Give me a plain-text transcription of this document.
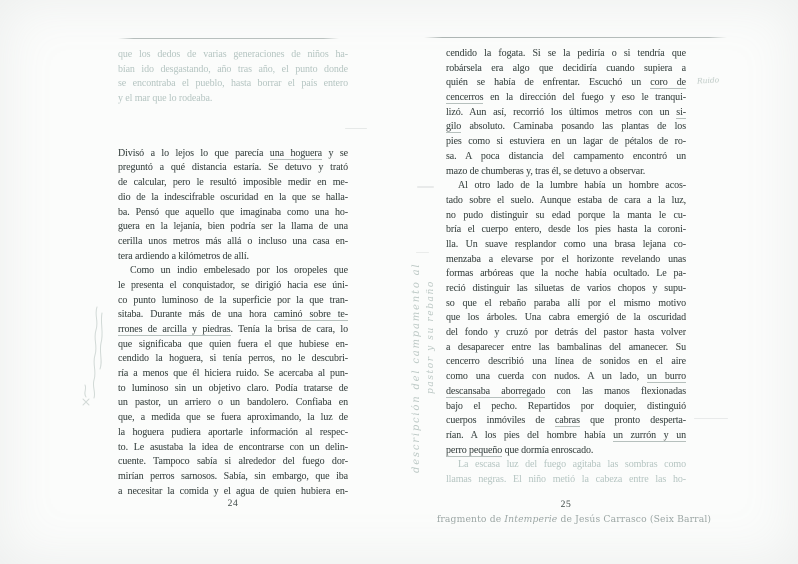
que los dedos de varias generaciones de niños ha-
bían ido desgastando, año tras año, el punto donde
se encontraba el pueblo, hasta borrar el país entero
y el mar que lo rodeaba.
Divisó a lo lejos lo que parecía una hoguera y se
preguntó a qué distancia estaría. Se detuvo y trató
de calcular, pero le resultó imposible medir en me-
dio de la indescifrable oscuridad en la que se halla-
ba. Pensó que aquello que imaginaba como una ho-
guera en la lejanía, bien podría ser la llama de una
cerilla unos metros más allá o incluso una casa en-
tera ardiendo a kilómetros de allí.
Como un indio embelesado por los oropeles que
le presenta el conquistador, se dirigió hacia ese úni-
co punto luminoso de la superficie por la que tran-
sitaba. Durante más de una hora caminó sobre te-
rrones de arcilla y piedras. Tenía la brisa de cara, lo
que significaba que quien fuera el que hubiese en-
cendido la hoguera, si tenía perros, no le descubri-
ría a menos que él hiciera ruido. Se acercaba al pun-
to luminoso sin un objetivo claro. Podía tratarse de
un pastor, un arriero o un bandolero. Confiaba en
que, a medida que se fuera aproximando, la luz de
la hoguera pudiera aportarle información al respec-
to. Le asustaba la idea de encontrarse con un delin-
cuente. Tampoco sabía si alrededor del fuego dor-
mirían perros sarnosos. Sabía, sin embargo, que iba
a necesitar la comida y el agua de quien hubiera en-
cendido la fogata. Si se la pediría o si tendría que
robársela era algo que decidiría cuando supiera a
quién se había de enfrentar. Escuchó un coro de
cencerros en la dirección del fuego y eso le tranqui-
lizó. Aun así, recorrió los últimos metros con un si-
gilo absoluto. Caminaba posando las plantas de los
pies como si estuviera en un lagar de pétalos de ro-
sa. A poca distancia del campamento encontró un
mazo de chumberas y, tras él, se detuvo a observar.
Al otro lado de la lumbre había un hombre acos-
tado sobre el suelo. Aunque estaba de cara a la luz,
no pudo distinguir su edad porque la manta le cu-
bría el cuerpo entero, desde los pies hasta la coroni-
lla. Un suave resplandor como una brasa lejana co-
menzaba a elevarse por el horizonte revelando unas
formas arbóreas que la noche había ocultado. Le pa-
reció distinguir las siluetas de varios chopos y supu-
so que el rebaño paraba allí por el mismo motivo
que los árboles. Una cabra emergió de la oscuridad
del fondo y cruzó por detrás del pastor hasta volver
a desaparecer entre las bambalinas del amanecer. Su
cencerro describió una línea de sonidos en el aire
como una cuerda con nudos. A un lado, un burro
descansaba aborregado con las manos flexionadas
bajo el pecho. Repartidos por doquier, distinguió
cuerpos inmóviles de cabras que pronto desperta-
rían. A los pies del hombre había un zurrón y un
perro pequeño que dormía enroscado.
La escasa luz del fuego agitaba las sombras como
llamas negras. El niño metió la cabeza entre las ho-
24	25
fragmento de Intemperie de Jesús Carrasco (Seix Barral)
descripción del campamento al pastor y su rebaño
Ruido
